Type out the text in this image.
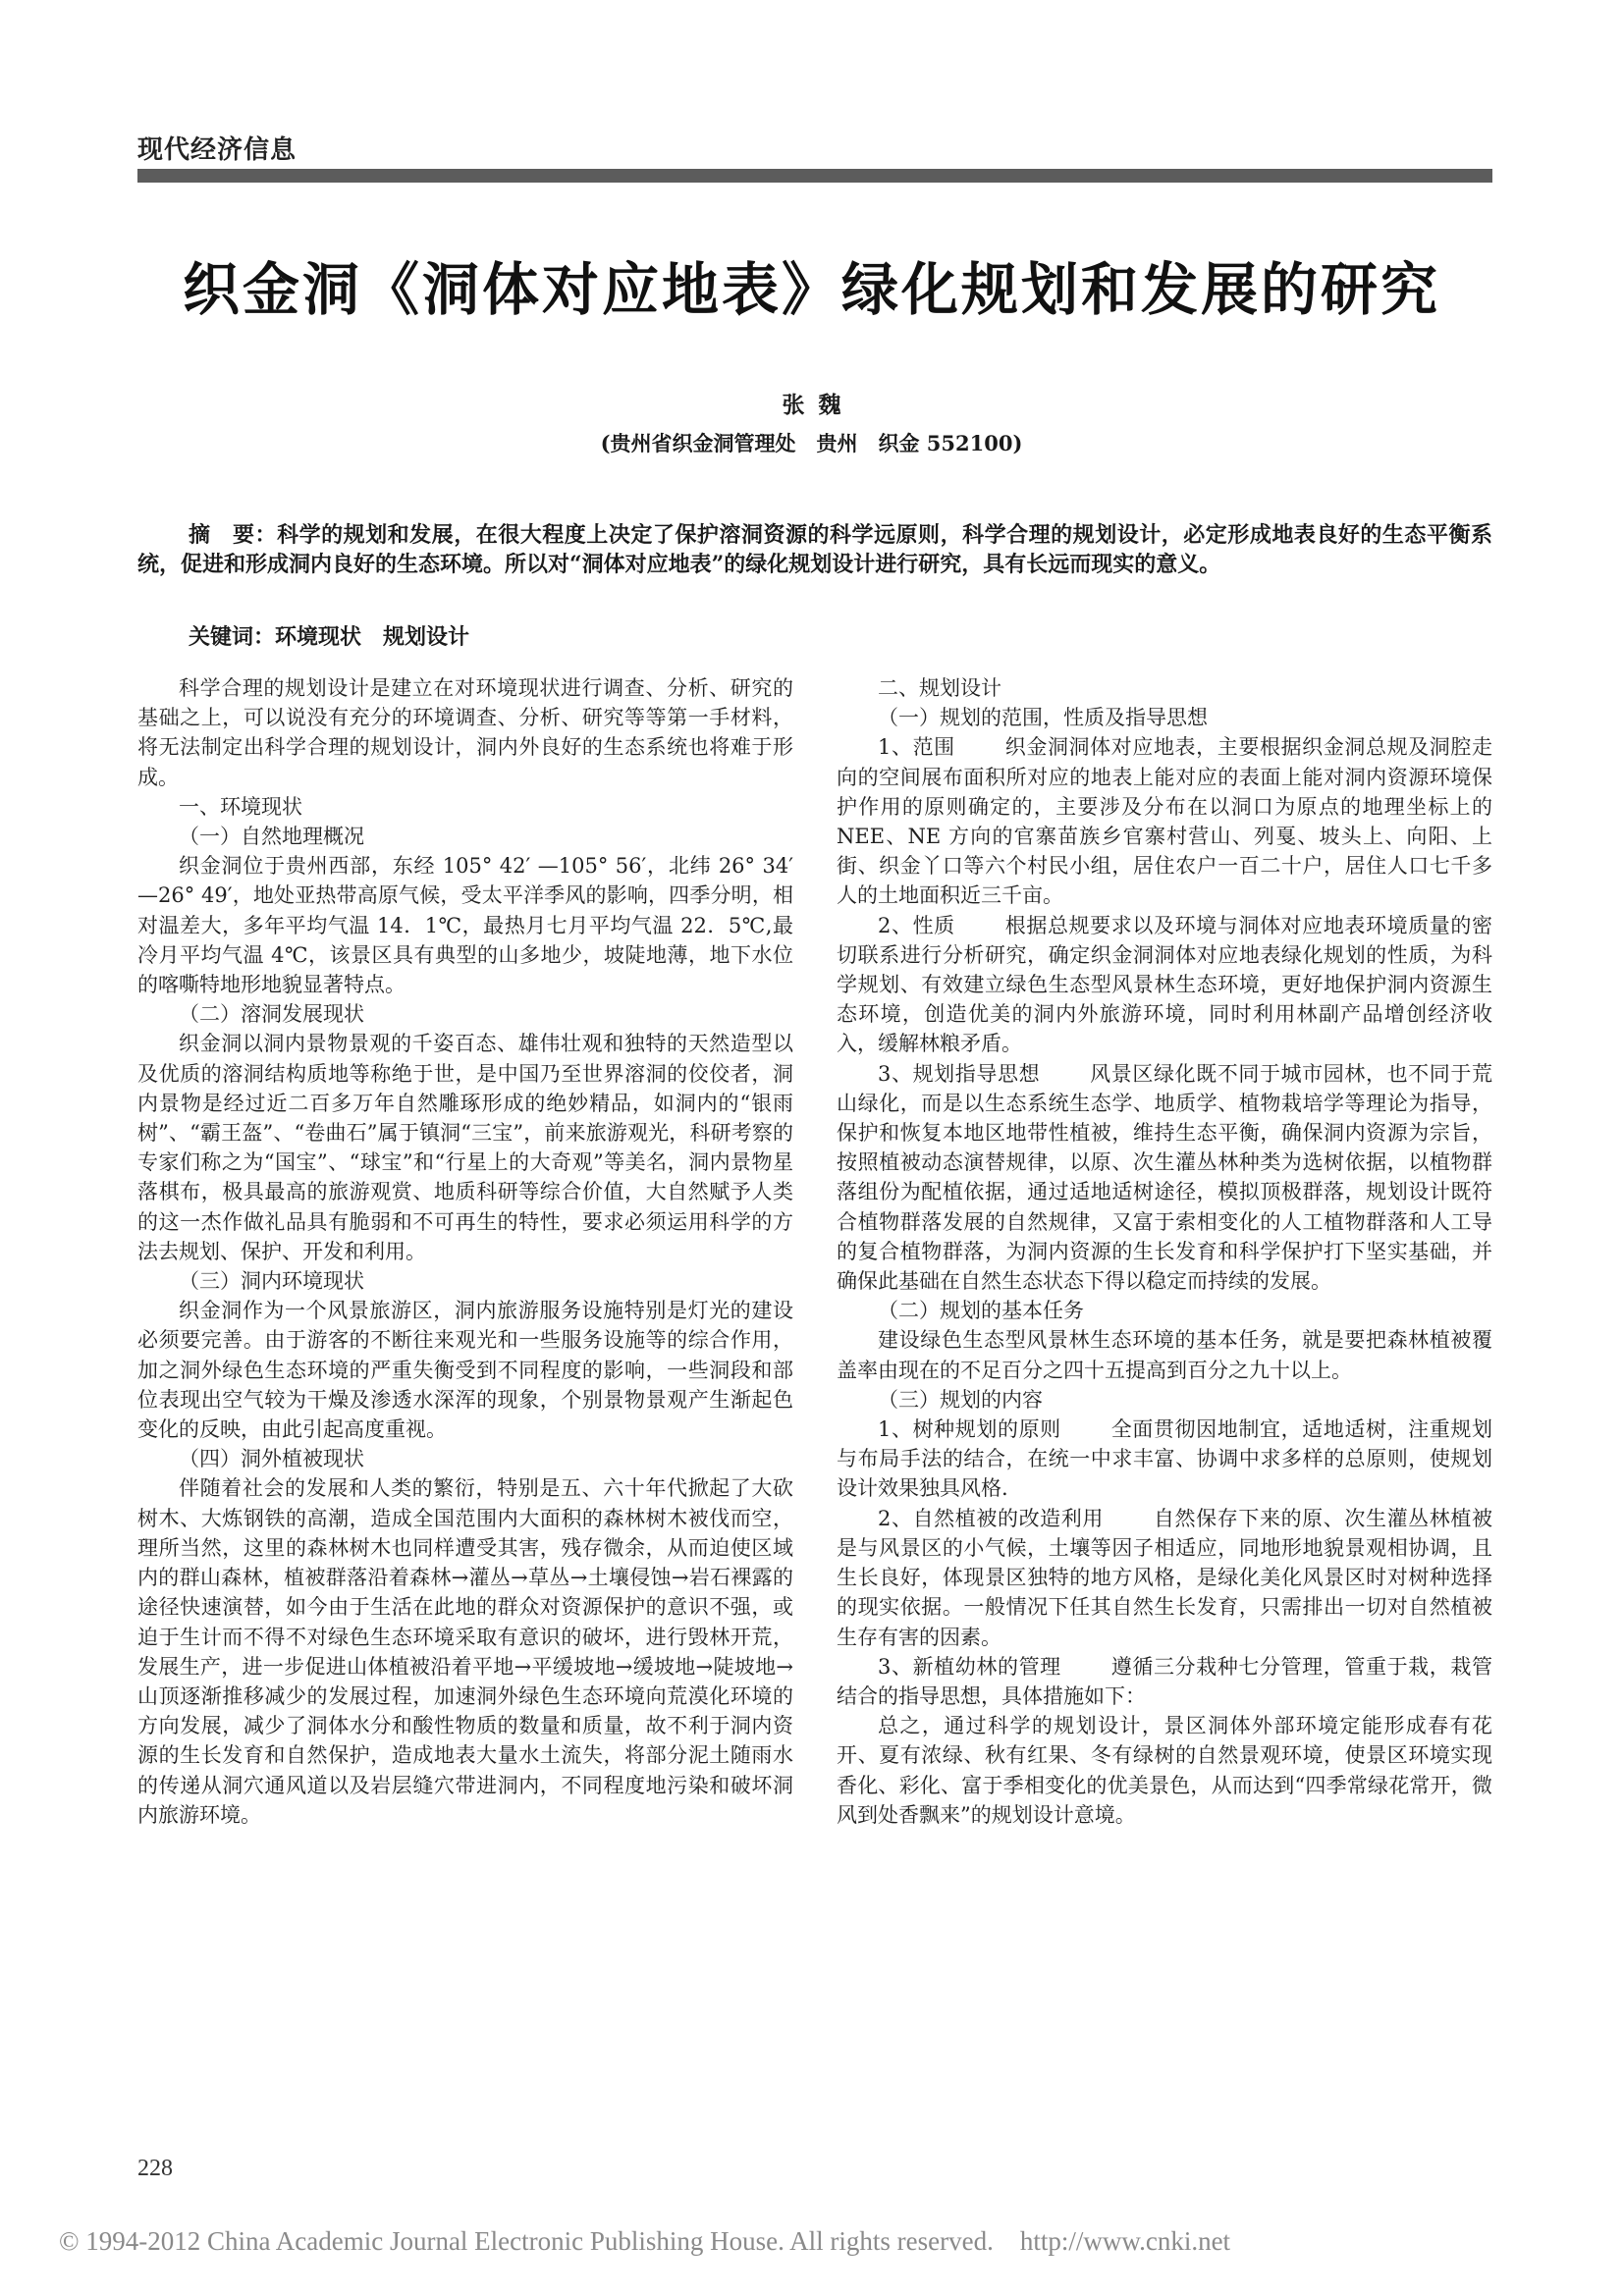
现代经济信息
织金洞《洞体对应地表》绿化规划和发展的研究
张魏
(贵州省织金洞管理处　贵州　织金 552100)
摘　要：科学的规划和发展，在很大程度上决定了保护溶洞资源的科学远原则，科学合理的规划设计，必定形成地表良好的生态平衡系统，促进和形成洞内良好的生态环境。所以对“洞体对应地表”的绿化规划设计进行研究，具有长远而现实的意义。
关键词：环境现状　规划设计
科学合理的规划设计是建立在对环境现状进行调查、分析、研究的基础之上，可以说没有充分的环境调查、分析、研究等等第一手材料，将无法制定出科学合理的规划设计，洞内外良好的生态系统也将难于形成。
一、环境现状
（一）自然地理概况
织金洞位于贵州西部，东经 105° 42′ —105° 56′，北纬 26° 34′ —26° 49′，地处亚热带高原气候，受太平洋季风的影响，四季分明，相对温差大，多年平均气温 14．1℃，最热月七月平均气温 22．5℃,最冷月平均气温 4℃，该景区具有典型的山多地少，坡陡地薄，地下水位的喀嘶特地形地貌显著特点。
（二）溶洞发展现状
织金洞以洞内景物景观的千姿百态、雄伟壮观和独特的天然造型以及优质的溶洞结构质地等称绝于世，是中国乃至世界溶洞的佼佼者，洞内景物是经过近二百多万年自然雕琢形成的绝妙精品，如洞内的“银雨树”、“霸王盔”、“卷曲石”属于镇洞“三宝”，前来旅游观光，科研考察的专家们称之为“国宝”、“球宝”和“行星上的大奇观”等美名，洞内景物星落棋布，极具最高的旅游观赏、地质科研等综合价值，大自然赋予人类的这一杰作做礼品具有脆弱和不可再生的特性，要求必须运用科学的方法去规划、保护、开发和利用。
（三）洞内环境现状
织金洞作为一个风景旅游区，洞内旅游服务设施特别是灯光的建设必须要完善。由于游客的不断往来观光和一些服务设施等的综合作用，加之洞外绿色生态环境的严重失衡受到不同程度的影响，一些洞段和部位表现出空气较为干燥及渗透水深浑的现象，个别景物景观产生渐起色变化的反映，由此引起高度重视。
（四）洞外植被现状
伴随着社会的发展和人类的繁衍，特别是五、六十年代掀起了大砍树木、大炼钢铁的高潮，造成全国范围内大面积的森林树木被伐而空，理所当然，这里的森林树木也同样遭受其害，残存微余，从而迫使区域内的群山森林，植被群落沿着森林→灌丛→草丛→土壤侵蚀→岩石裸露的途径快速演替，如今由于生活在此地的群众对资源保护的意识不强，或迫于生计而不得不对绿色生态环境采取有意识的破坏，进行毁林开荒，发展生产，进一步促进山体植被沿着平地→平缓坡地→缓坡地→陡坡地→山顶逐渐推移减少的发展过程，加速洞外绿色生态环境向荒漠化环境的方向发展，减少了洞体水分和酸性物质的数量和质量，故不利于洞内资源的生长发育和自然保护，造成地表大量水土流失，将部分泥土随雨水的传递从洞穴通风道以及岩层缝穴带进洞内，不同程度地污染和破坏洞内旅游环境。
二、规划设计
（一）规划的范围，性质及指导思想
1、范围 织金洞洞体对应地表，主要根据织金洞总规及洞腔走向的空间展布面积所对应的地表上能对应的表面上能对洞内资源环境保护作用的原则确定的，主要涉及分布在以洞口为原点的地理坐标上的 NEE、NE 方向的官寨苗族乡官寨村营山、列戛、坡头上、向阳、上街、织金丫口等六个村民小组，居住农户一百二十户，居住人口七千多人的土地面积近三千亩。
2、性质 根据总规要求以及环境与洞体对应地表环境质量的密切联系进行分析研究，确定织金洞洞体对应地表绿化规划的性质，为科学规划、有效建立绿色生态型风景林生态环境，更好地保护洞内资源生态环境，创造优美的洞内外旅游环境，同时利用林副产品增创经济收入，缓解林粮矛盾。
3、规划指导思想 风景区绿化既不同于城市园林，也不同于荒山绿化，而是以生态系统生态学、地质学、植物栽培学等理论为指导，保护和恢复本地区地带性植被，维持生态平衡，确保洞内资源为宗旨，按照植被动态演替规律，以原、次生灌丛林种类为选树依据，以植物群落组份为配植依据，通过适地适树途径，模拟顶极群落，规划设计既符合植物群落发展的自然规律，又富于索相变化的人工植物群落和人工导的复合植物群落，为洞内资源的生长发育和科学保护打下坚实基础，并确保此基础在自然生态状态下得以稳定而持续的发展。
（二）规划的基本任务
建设绿色生态型风景林生态环境的基本任务，就是要把森林植被覆盖率由现在的不足百分之四十五提高到百分之九十以上。
（三）规划的内容
1、树种规划的原则 全面贯彻因地制宜，适地适树，注重规划与布局手法的结合，在统一中求丰富、协调中求多样的总原则，使规划设计效果独具风格.
2、自然植被的改造利用 自然保存下来的原、次生灌丛林植被是与风景区的小气候，土壤等因子相适应，同地形地貌景观相协调，且生长良好，体现景区独特的地方风格，是绿化美化风景区时对树种选择的现实依据。一般情况下任其自然生长发育，只需排出一切对自然植被生存有害的因素。
3、新植幼林的管理 遵循三分栽种七分管理，管重于栽，栽管结合的指导思想，具体措施如下：
总之，通过科学的规划设计，景区洞体外部环境定能形成春有花开、夏有浓绿、秋有红果、冬有绿树的自然景观环境，使景区环境实现香化、彩化、富于季相变化的优美景色，从而达到“四季常绿花常开，微风到处香飘来”的规划设计意境。
228
© 1994-2012 China Academic Journal Electronic Publishing House. All rights reserved.    http://www.cnki.net
